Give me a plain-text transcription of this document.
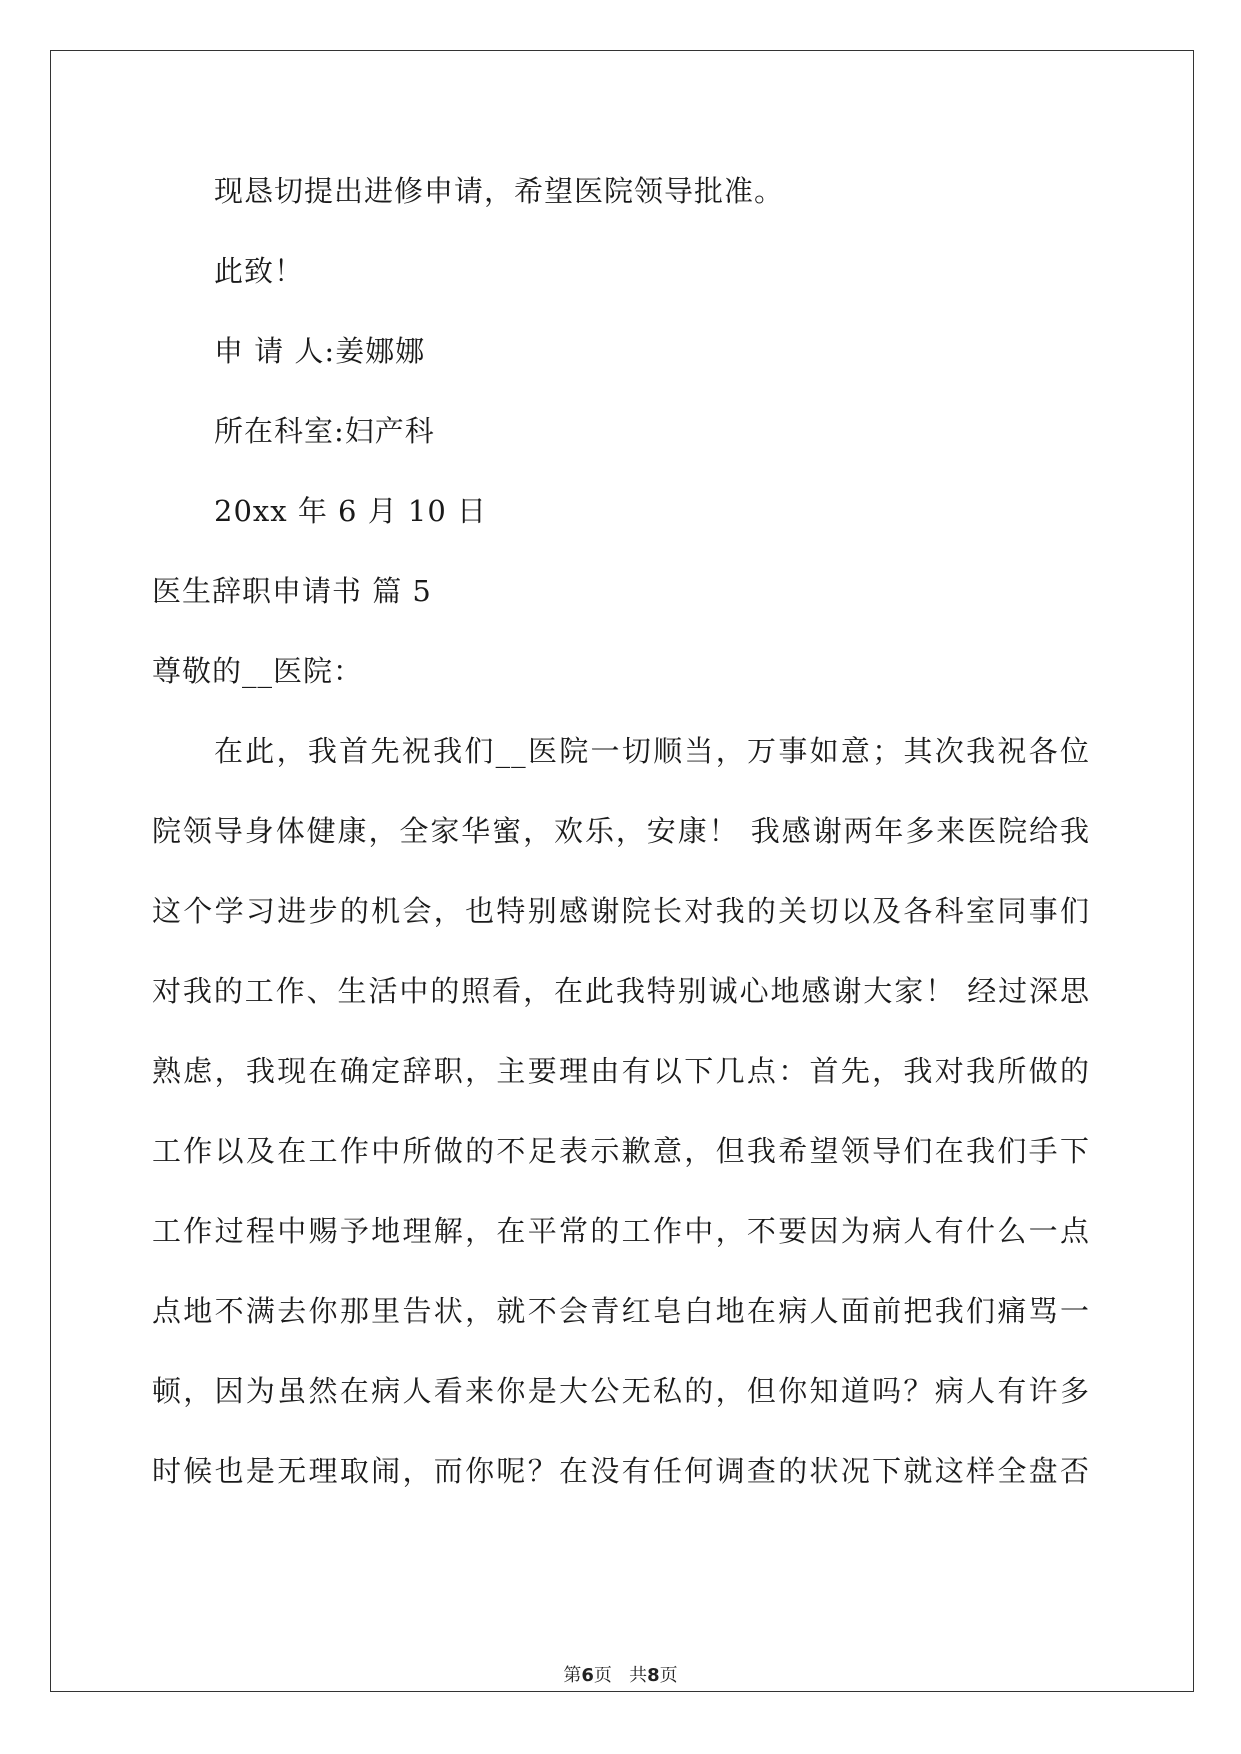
现恳切提出进修申请，希望医院领导批准。
此致！
申 请 人:姜娜娜
所在科室:妇产科
20xx 年 6 月 10 日
医生辞职申请书 篇 5
尊敬的__医院：
在此，我首先祝我们__医院一切顺当，万事如意；其次我祝各位
院领导身体健康，全家华蜜，欢乐，安康！ 我感谢两年多来医院给我
这个学习进步的机会，也特别感谢院长对我的关切以及各科室同事们
对我的工作、生活中的照看，在此我特别诚心地感谢大家！ 经过深思
熟虑，我现在确定辞职，主要理由有以下几点：首先，我对我所做的
工作以及在工作中所做的不足表示歉意，但我希望领导们在我们手下
工作过程中赐予地理解，在平常的工作中，不要因为病人有什么一点
点地不满去你那里告状，就不会青红皂白地在病人面前把我们痛骂一
顿，因为虽然在病人看来你是大公无私的，但你知道吗？病人有许多
时候也是无理取闹，而你呢？在没有任何调查的状况下就这样全盘否
第6页   共8页
